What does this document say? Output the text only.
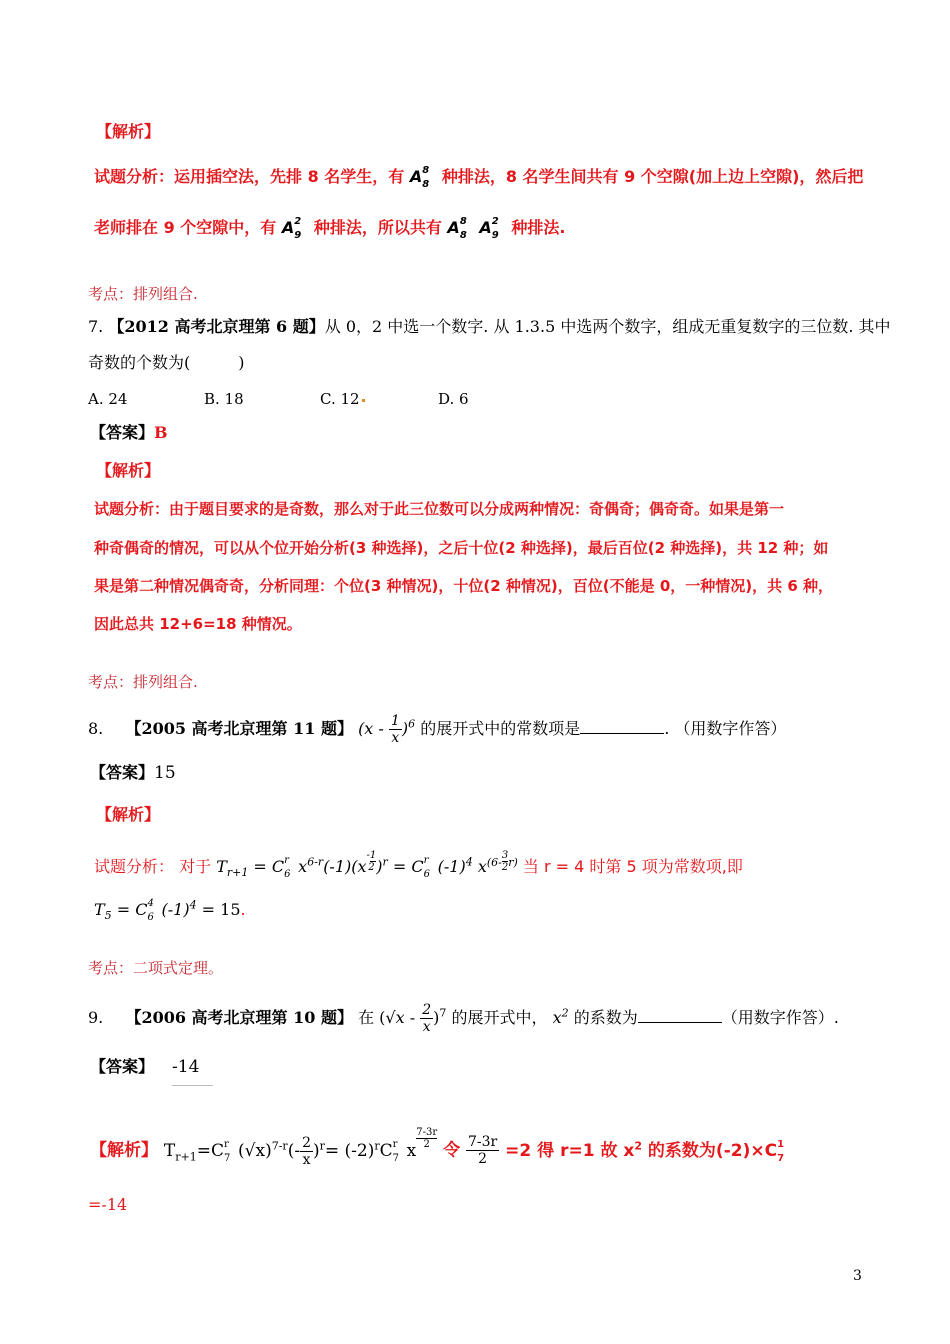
【解析】
试题分析：运用插空法，先排 8 名学生，有 A 8
8 种排法，8 名学生间共有 9 个空隙(加上边上空隙)，然后把
老师排在 9 个空隙中，有 A 2
9 种排法，所以共有 A 8
8 A 2
9 种排法.
考点：排列组合.
7. 【2012 高考北京理第 6 题】从 0，2 中选一个数字. 从 1.3.5 中选两个数字，组成无重复数字的三位数. 其中
奇数的个数为(	)
A. 24	B. 18	C. 12	D. 6
【答案】B
【解析】
试题分析：由于题目要求的是奇数，那么对于此三位数可以分成两种情况：奇偶奇；偶奇奇。如果是第一
种奇偶奇的情况，可以从个位开始分析(3 种选择)，之后十位(2 种选择)，最后百位(2 种选择)，共 12 种；如
果是第二种情况偶奇奇，分析同理：个位(3 种情况)，十位(2 种情况)，百位(不能是 0，一种情况)，共 6 种，
因此总共 12+6=18 种情况。
考点：排列组合.
8. 【2005 高考北京理第 11 题】 $(x - \frac{1}{x} )^6$ 的展开式中的常数项是	. （用数字作答）
【答案】15
【解析】
试题分析： 对于 $T_{r+1} = C$ r
6 $x^{6-r}(-1)(x^{-1 2}$ )$^r$ = C r
6 $(-1)^4$ $x^{(6- \frac{3}{2}r)}$ 当 r = 4 时第 5 项为常数项,即
$T_5 = C$ 4
6 $(-1)^4 = 15$.
考点：二项式定理。
9. 【2006 高考北京理第 10 题】 在 $(√x - \frac{2}{x} )^7$ 的展开式中， $x^2$ 的系数为	（用数字作答）.
【答案】 -14
【解析】 $T_{r+1}=C$ r
7 $(√x)^{7-r}(- \frac{2}{x} )^r= (-2)^rC$ r
7 x
$^{\frac{7-3r}{2}}$ 令 $\frac{7-3r}{2} =2$ 得 r=1 故 $x^2$ 的系数为(-2)×C 1
7
=-14
3
